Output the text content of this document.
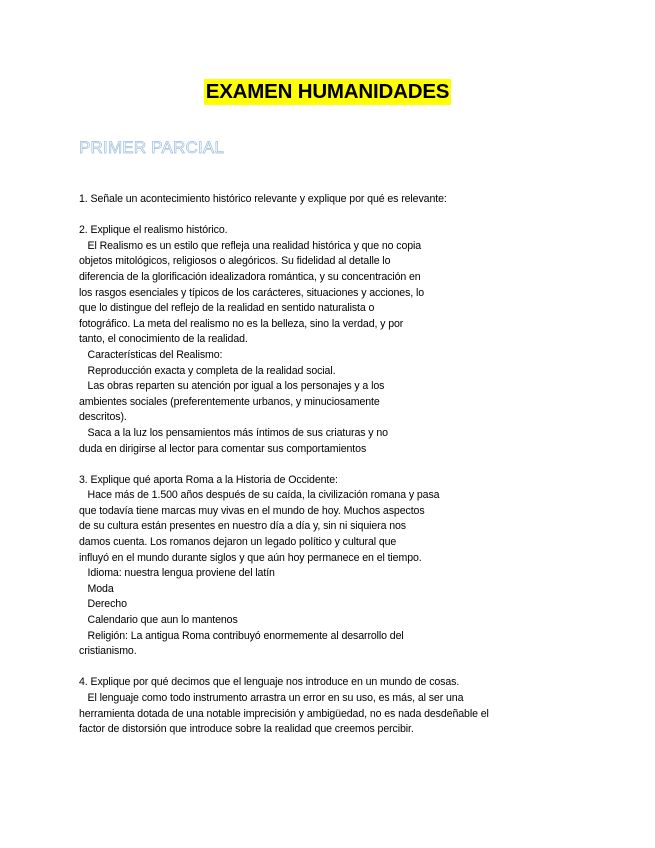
EXAMEN HUMANIDADES
PRIMER PARCIAL
1. Señale un acontecimiento histórico relevante y explique por qué es relevante:
2. Explique el realismo histórico.
El Realismo es un estilo que refleja una realidad histórica y que no copia
objetos mitológicos, religiosos o alegóricos. Su fidelidad al detalle lo
diferencia de la glorificación idealizadora romántica, y su concentración en
los rasgos esenciales y típicos de los carácteres, situaciones y acciones, lo
que lo distingue del reflejo de la realidad en sentido naturalista o
fotográfico. La meta del realismo no es la belleza, sino la verdad, y por
tanto, el conocimiento de la realidad.
Características del Realismo:
Reproducción exacta y completa de la realidad social.
Las obras reparten su atención por igual a los personajes y a los
ambientes sociales (preferentemente urbanos, y minuciosamente
descritos).
Saca a la luz los pensamientos más íntimos de sus criaturas y no
duda en dirigirse al lector para comentar sus comportamientos
3. Explique qué aporta Roma a la Historia de Occidente:
Hace más de 1.500 años después de su caída, la civilización romana y pasa
que todavía tiene marcas muy vivas en el mundo de hoy. Muchos aspectos
de su cultura están presentes en nuestro día a día y, sin ni siquiera nos
damos cuenta. Los romanos dejaron un legado político y cultural que
influyó en el mundo durante siglos y que aún hoy permanece en el tiempo.
Idioma: nuestra lengua proviene del latín
Moda
Derecho
Calendario que aun lo mantenos
Religión: La antigua Roma contribuyó enormemente al desarrollo del
cristianismo.
4. Explique por qué decimos que el lenguaje nos introduce en un mundo de cosas.
El lenguaje como todo instrumento arrastra un error en su uso, es más, al ser una
herramienta dotada de una notable imprecisión y ambigüedad, no es nada desdeñable el
factor de distorsión que introduce sobre la realidad que creemos percibir.
